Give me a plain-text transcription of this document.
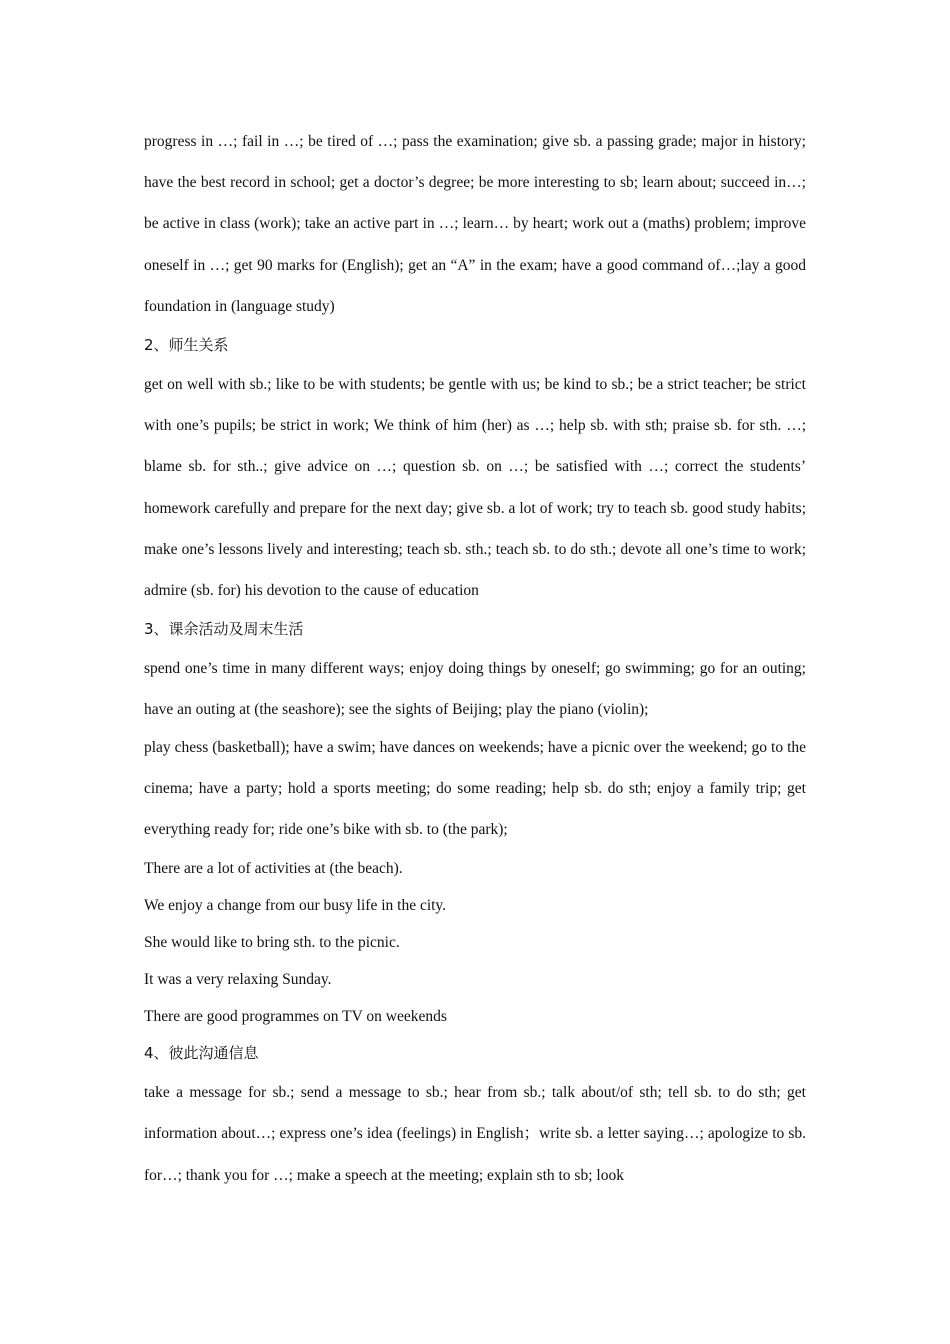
progress in …; fail in …; be tired of …; pass the examination; give sb. a passing grade; major in history; have the best record in school; get a doctor’s degree; be more interesting to sb; learn about; succeed in…; be active in class (work); take an active part in …; learn… by heart; work out a (maths) problem; improve oneself in …; get 90 marks for (English); get an “A” in the exam; have a good command of…;lay a good foundation in (language study)

2、师生关系

get on well with sb.; like to be with students; be gentle with us; be kind to sb.; be a strict teacher; be strict with one’s pupils; be strict in work; We think of him (her) as …; help sb. with sth; praise sb. for sth. …; blame sb. for sth..; give advice on …; question sb. on …; be satisfied with …; correct the students’ homework carefully and prepare for the next day; give sb. a lot of work; try to teach sb. good study habits; make one’s lessons lively and interesting; teach sb. sth.; teach sb. to do sth.; devote all one’s time to work; admire (sb. for) his devotion to the cause of education

3、课余活动及周末生活

spend one’s time in many different ways; enjoy doing things by oneself; go swimming; go for an outing; have an outing at (the seashore); see the sights of Beijing; play the piano (violin);

play chess (basketball); have a swim; have dances on weekends; have a picnic over the weekend; go to the cinema; have a party; hold a sports meeting; do some reading; help sb. do sth; enjoy a family trip; get everything ready for; ride one’s bike with sb. to (the park);

There are a lot of activities at (the beach).

We enjoy a change from our busy life in the city.

She would like to bring sth. to the picnic.

It was a very relaxing Sunday.

There are good programmes on TV on weekends

4、彼此沟通信息

take a message for sb.; send a message to sb.; hear from sb.; talk about/of sth; tell sb. to do sth; get information about…; express one’s idea (feelings) in English；write sb. a letter saying…; apologize to sb. for…; thank you for …; make a speech at the meeting; explain sth to sb; look
